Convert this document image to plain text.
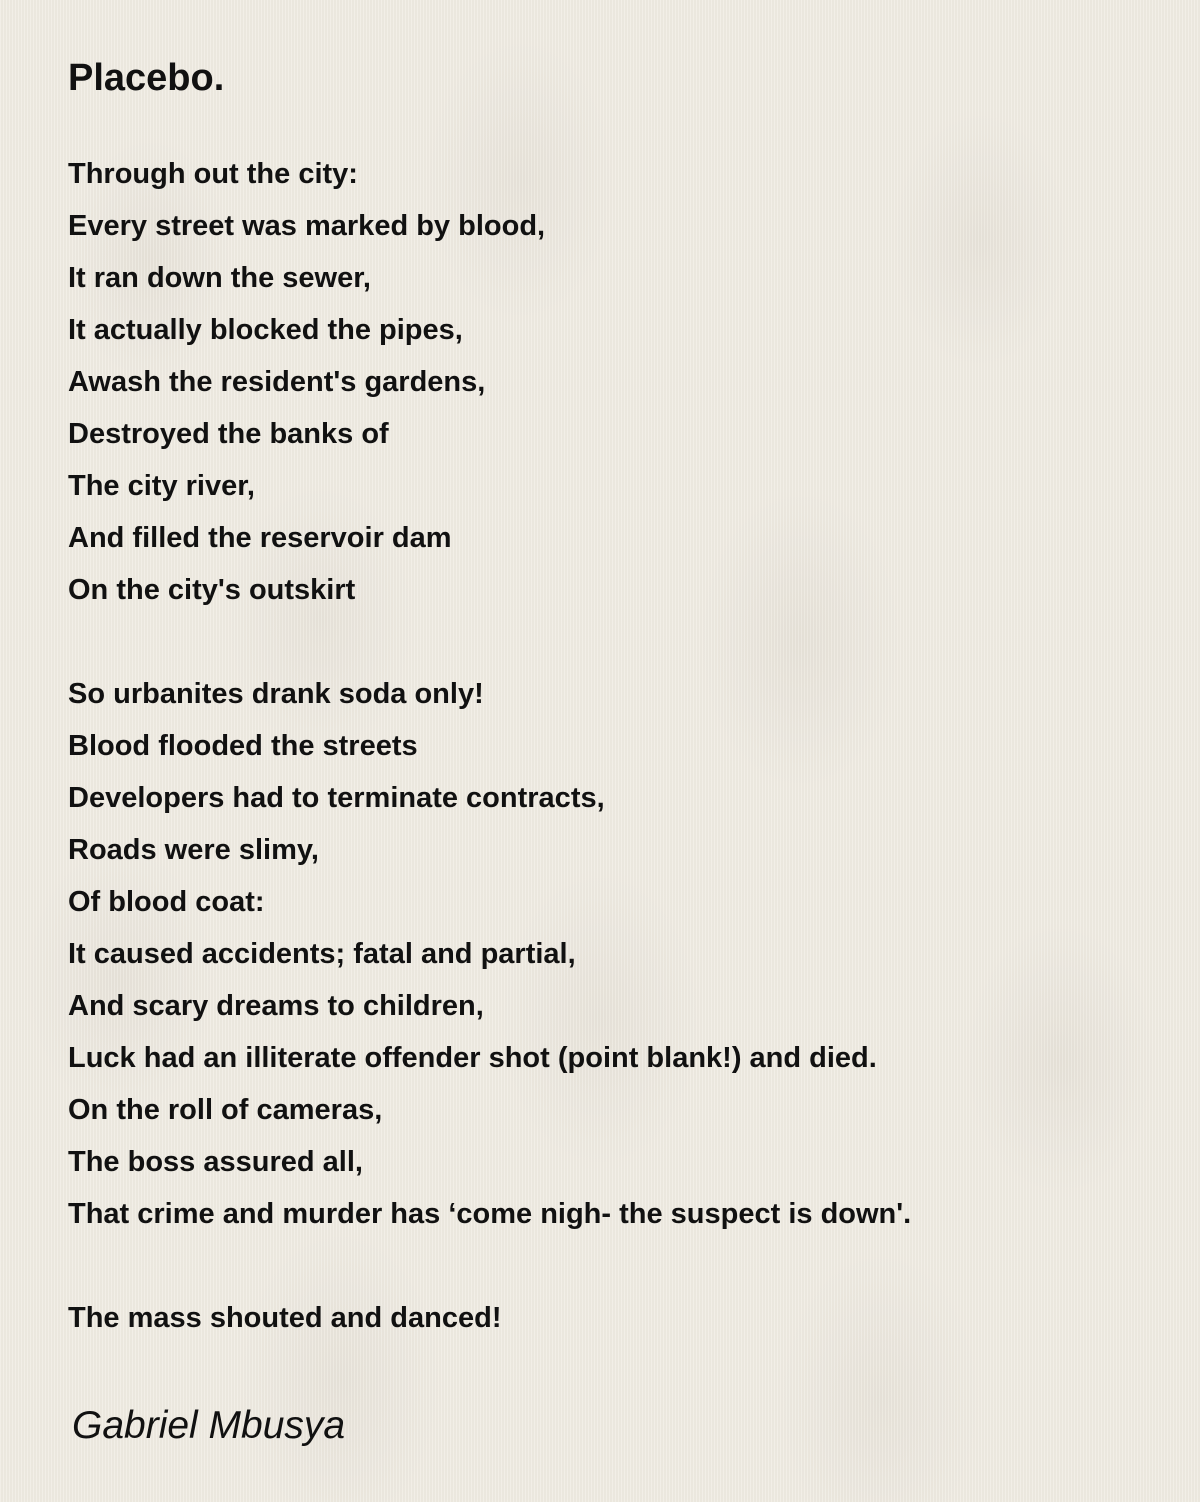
Placebo.
Through out the city:
Every street was marked by blood,
It ran down the sewer,
It actually blocked the pipes,
Awash the resident's gardens,
Destroyed the banks of
The city river,
And filled the reservoir dam
On the city's outskirt
So urbanites drank soda only!
Blood flooded the streets
Developers had to terminate contracts,
Roads were slimy,
Of blood coat:
It caused accidents; fatal and partial,
And scary dreams to children,
Luck had an illiterate offender shot (point blank!) and died.
On the roll of cameras,
The boss assured all,
That crime and murder has ‘come nigh- the suspect is down'.
The mass shouted and danced!
Gabriel Mbusya
